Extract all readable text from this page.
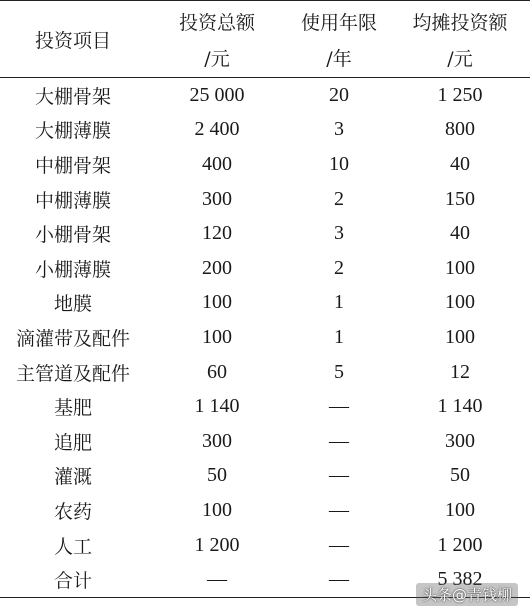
投资项目	投资总额	使用年限	均摊投资额
	/元	/年	/元
大棚骨架	25 000	20	1 250
大棚薄膜	2 400	3	800
中棚骨架	400	10	40
中棚薄膜	300	2	150
小棚骨架	120	3	40
小棚薄膜	200	2	100
地膜	100	1	100
滴灌带及配件	100	1	100
主管道及配件	60	5	12
基肥	1 140	—	1 140
追肥	300	—	300
灌溉	50	—	50
农药	100	—	100
人工	1 200	—	1 200
合计	—	—	5 382
头条@青钱柳
